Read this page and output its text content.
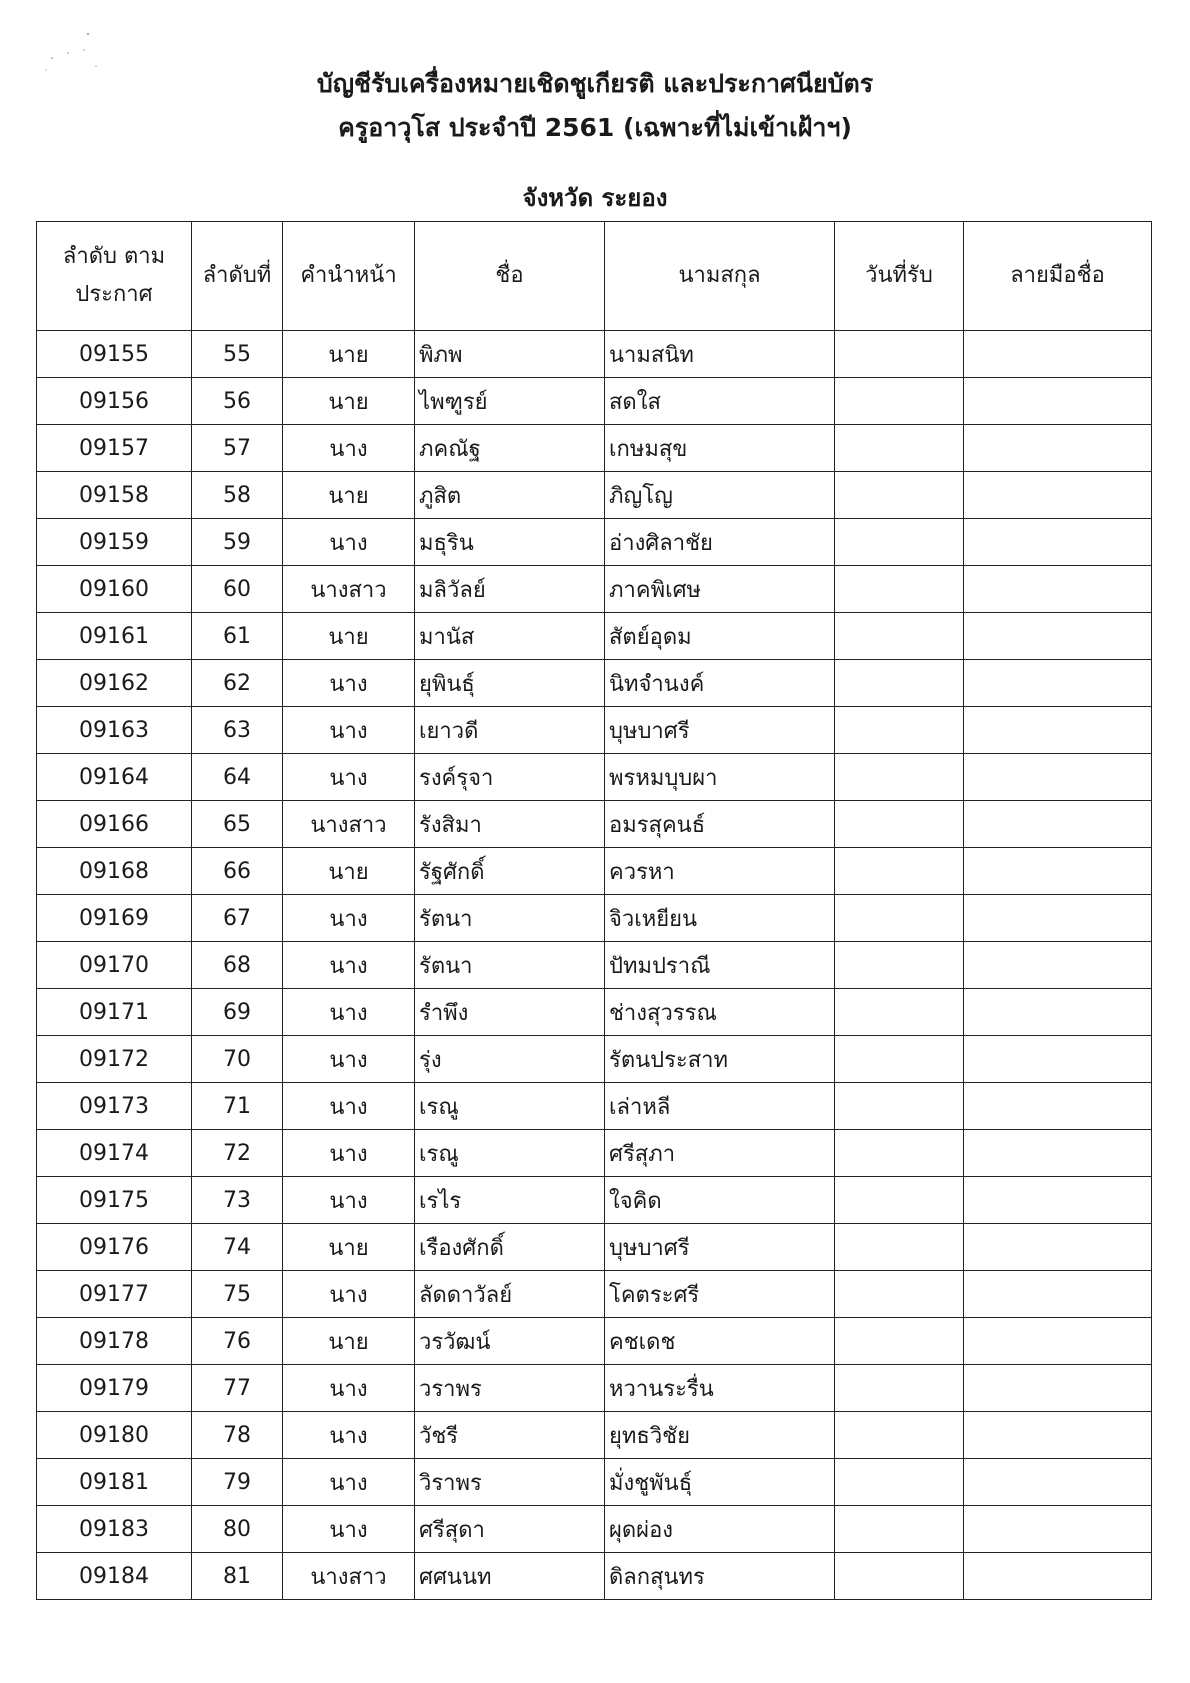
บัญชีรับเครื่องหมายเชิดชูเกียรติ และประกาศนียบัตร

ครูอาวุโส ประจำปี 2561 (เฉพาะที่ไม่เข้าเฝ้าฯ)

จังหวัด ระยอง
ลำดับ ตามประกาศ	ลำดับที่	คำนำหน้า	ชื่อ	นามสกุล	วันที่รับ	ลายมือชื่อ
09155	55	นาย	พิภพ	นามสนิท		
09156	56	นาย	ไพฑูรย์	สดใส		
09157	57	นาง	ภคณัฐ	เกษมสุข		
09158	58	นาย	ภูสิต	ภิญโญ		
09159	59	นาง	มธุริน	อ่างศิลาชัย		
09160	60	นางสาว	มลิวัลย์	ภาคพิเศษ		
09161	61	นาย	มานัส	สัตย์อุดม		
09162	62	นาง	ยุพินธุ์	นิทจำนงค์		
09163	63	นาง	เยาวดี	บุษบาศรี		
09164	64	นาง	รงค์รุจา	พรหมบุบผา		
09166	65	นางสาว	รังสิมา	อมรสุคนธ์		
09168	66	นาย	รัฐศักดิ์	ควรหา		
09169	67	นาง	รัตนา	จิวเหยียน		
09170	68	นาง	รัตนา	ปัทมปราณี		
09171	69	นาง	รำพึง	ช่างสุวรรณ		
09172	70	นาง	รุ่ง	รัตนประสาท		
09173	71	นาง	เรณู	เล่าหลี		
09174	72	นาง	เรณู	ศรีสุภา		
09175	73	นาง	เรไร	ใจคิด		
09176	74	นาย	เรืองศักดิ์	บุษบาศรี		
09177	75	นาง	ลัดดาวัลย์	โคตระศรี		
09178	76	นาย	วรวัฒน์	คชเดช		
09179	77	นาง	วราพร	หวานระรื่น		
09180	78	นาง	วัชรี	ยุทธวิชัย		
09181	79	นาง	วิราพร	มั่งชูพันธุ์		
09183	80	นาง	ศรีสุดา	ผุดผ่อง		
09184	81	นางสาว	ศศนนท	ดิลกสุนทร		
